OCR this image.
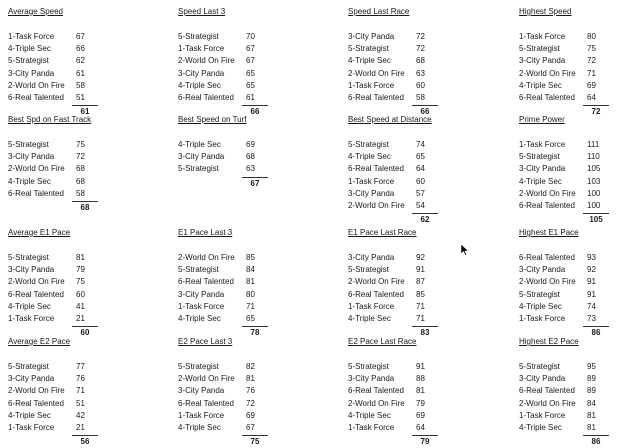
Average Speed
1-Task Force	67
4-Triple Sec	66
5-Strategist	62
3-City Panda	61
2-World On Fire	58
6-Real Talented	51
61
Speed Last 3
5-Strategist	70
1-Task Force	67
2-World On Fire	67
3-City Panda	65
4-Triple Sec	65
6-Real Talented	61
66
Speed Last Race
3-City Panda	72
5-Strategist	72
4-Triple Sec	68
2-World On Fire	63
1-Task Force	60
6-Real Talented	58
66
Highest Speed
1-Task Force	80
5-Strategist	75
3-City Panda	72
2-World On Fire	71
4-Triple Sec	69
6-Real Talented	64
72
Best Spd on Fast Track
5-Strategist	75
3-City Panda	72
2-World On Fire	68
4-Triple Sec	68
6-Real Talented	58
68
Best Speed on Turf
4-Triple Sec	69
3-City Panda	68
5-Strategist	63
67
Best Speed at Distance
5-Strategist	74
4-Triple Sec	65
6-Real Talented	64
1-Task Force	60
3-City Panda	57
2-World On Fire	54
62
Prime Power
1-Task Force	111
5-Strategist	110
3-City Panda	105
4-Triple Sec	103
2-World On Fire	100
6-Real Talented	100
105
Average E1 Pace
5-Strategist	81
3-City Panda	79
2-World On Fire	75
6-Real Talented	60
4-Triple Sec	41
1-Task Force	21
60
E1 Pace Last 3
2-World On Fire	85
5-Strategist	84
6-Real Talented	81
3-City Panda	80
1-Task Force	71
4-Triple Sec	65
78
E1 Pace Last Race
3-City Panda	92
5-Strategist	91
2-World On Fire	87
6-Real Talented	85
1-Task Force	71
4-Triple Sec	71
83
Highest E1 Pace
6-Real Talented	93
3-City Panda	92
2-World On Fire	91
5-Strategist	91
4-Triple Sec	74
1-Task Force	73
86
Average E2 Pace
5-Strategist	77
3-City Panda	76
2-World On Fire	71
6-Real Talented	51
4-Triple Sec	42
1-Task Force	21
56
E2 Pace Last 3
5-Strategist	82
2-World On Fire	81
3-City Panda	76
6-Real Talented	72
1-Task Force	69
4-Triple Sec	67
75
E2 Pace Last Race
5-Strategist	91
3-City Panda	88
6-Real Talented	81
2-World On Fire	79
4-Triple Sec	69
1-Task Force	64
79
Highest E2 Pace
5-Strategist	95
3-City Panda	89
6-Real Talented	89
2-World On Fire	84
1-Task Force	81
4-Triple Sec	81
86
